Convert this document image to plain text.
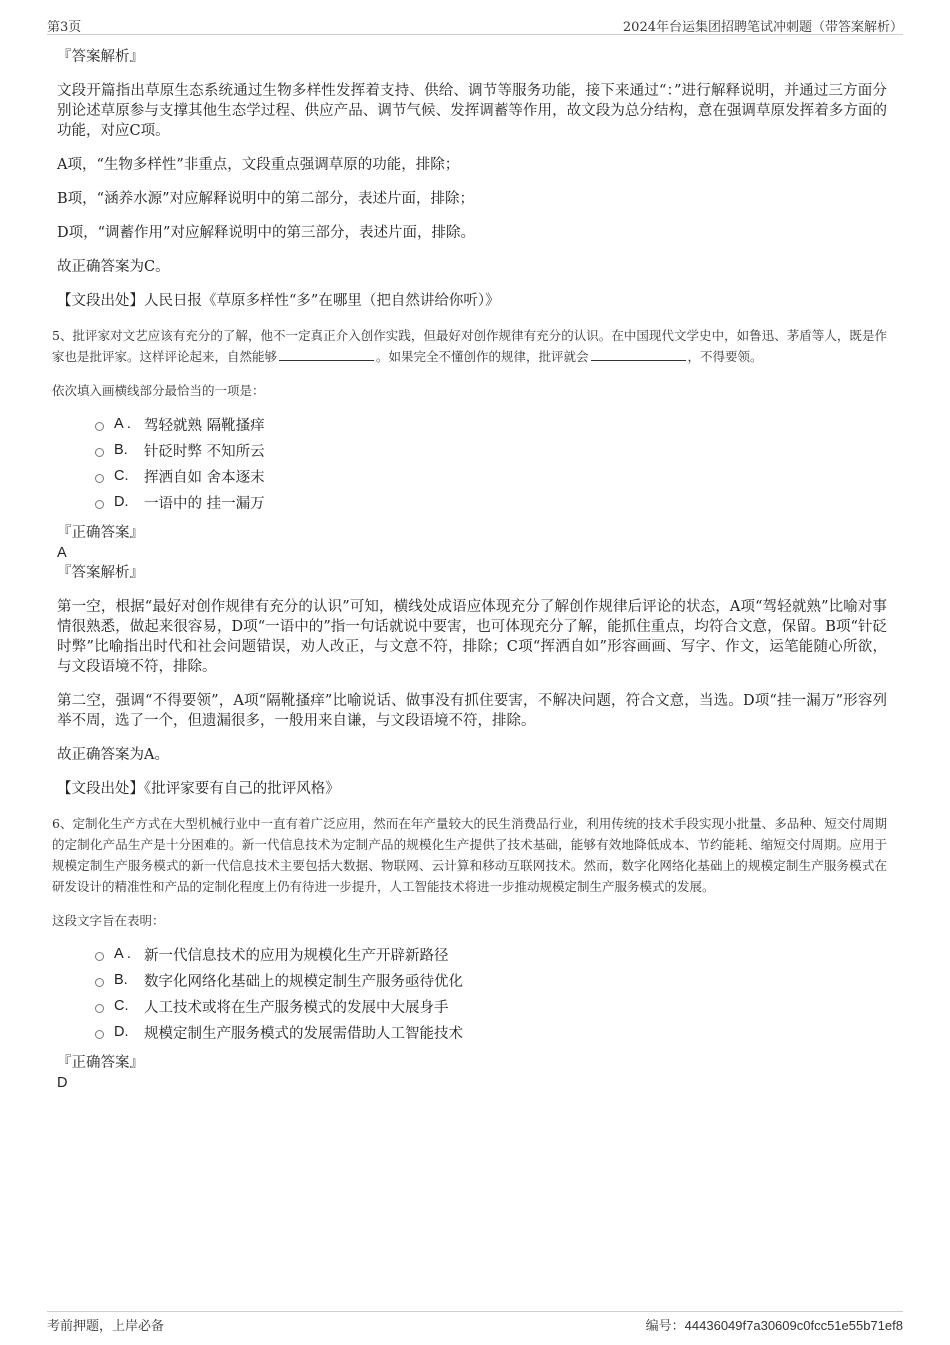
第3页	2024年台运集团招聘笔试冲刺题（带答案解析）

『答案解析』

文段开篇指出草原生态系统通过生物多样性发挥着支持、供给、调节等服务功能，接下来通过“：”进行解释说明，并通过三方面分别论述草原参与支撑其他生态学过程、供应产品、调节气候、发挥调蓄等作用，故文段为总分结构，意在强调草原发挥着多方面的功能，对应C项。

A项，“生物多样性”非重点，文段重点强调草原的功能，排除；

B项，“涵养水源”对应解释说明中的第二部分，表述片面，排除；

D项，“调蓄作用”对应解释说明中的第三部分，表述片面，排除。

故正确答案为C。

【文段出处】人民日报《草原多样性“多”在哪里（把自然讲给你听）》

5、批评家对文艺应该有充分的了解，他不一定真正介入创作实践，但最好对创作规律有充分的认识。在中国现代文学史中，如鲁迅、茅盾等人，既是作家也是批评家。这样评论起来，自然能够	。如果完全不懂创作的规律，批评就会	，不得要领。

依次填入画横线部分最恰当的一项是：

A . 驾轻就熟 隔靴搔痒
B.	针砭时弊 不知所云
C.	挥洒自如 舍本逐末
D.	一语中的 挂一漏万

『正确答案』

A

『答案解析』

第一空，根据“最好对创作规律有充分的认识”可知，横线处成语应体现充分了解创作规律后评论的状态，A项“驾轻就熟”比喻对事情很熟悉，做起来很容易，D项“一语中的”指一句话就说中要害，也可体现充分了解，能抓住重点，均符合文意，保留。B项“针砭时弊”比喻指出时代和社会问题错误，劝人改正，与文意不符，排除；C项“挥洒自如”形容画画、写字、作文，运笔能随心所欲，与文段语境不符，排除。

第二空，强调“不得要领”，A项“隔靴搔痒”比喻说话、做事没有抓住要害，不解决问题，符合文意，当选。D项“挂一漏万”形容列举不周，选了一个，但遗漏很多，一般用来自谦，与文段语境不符，排除。

故正确答案为A。

【文段出处】《批评家要有自己的批评风格》

6、定制化生产方式在大型机械行业中一直有着广泛应用，然而在年产量较大的民生消费品行业，利用传统的技术手段实现小批量、多品种、短交付周期的定制化产品生产是十分困难的。新一代信息技术为定制产品的规模化生产提供了技术基础，能够有效地降低成本、节约能耗、缩短交付周期。应用于规模定制生产服务模式的新一代信息技术主要包括大数据、物联网、云计算和移动互联网技术。然而，数字化网络化基础上的规模定制生产服务模式在研发设计的精准性和产品的定制化程度上仍有待进一步提升，人工智能技术将进一步推动规模定制生产服务模式的发展。

这段文字旨在表明：

A . 新一代信息技术的应用为规模化生产开辟新路径
B.	数字化网络化基础上的规模定制生产服务亟待优化
C.	人工技术或将在生产服务模式的发展中大展身手
D.	规模定制生产服务模式的发展需借助人工智能技术

『正确答案』

D

考前押题，上岸必备	编号：44436049f7a30609c0fcc51e55b71ef8
